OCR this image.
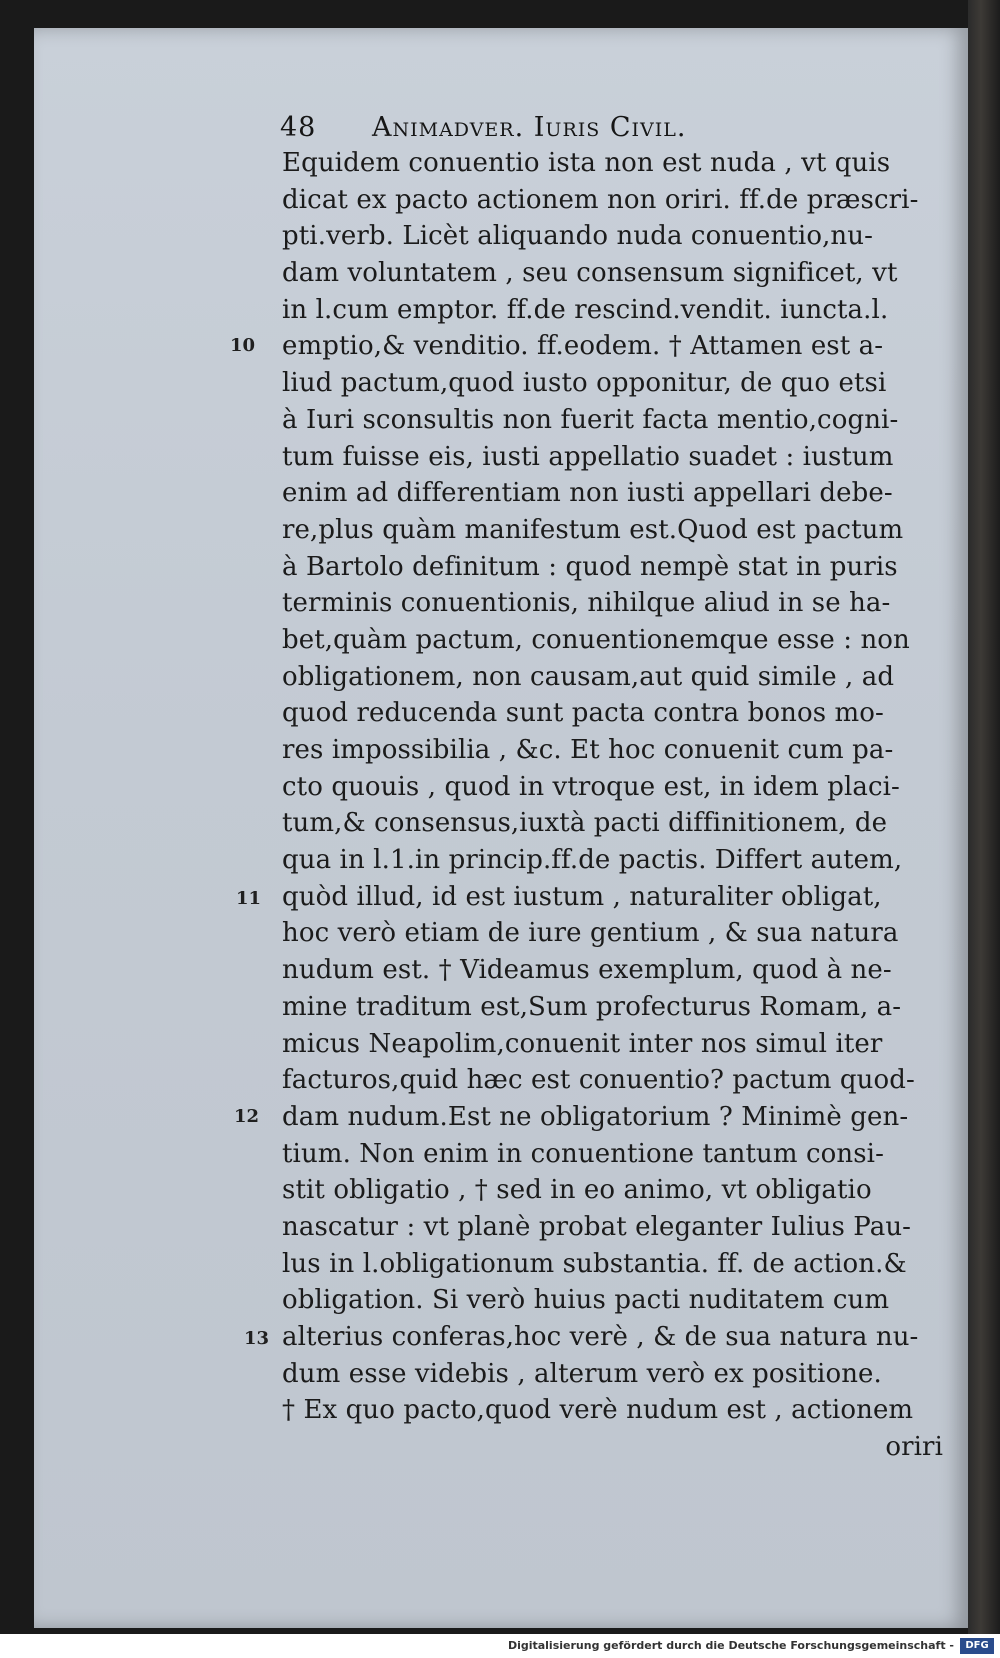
48 Animadver. Iuris Civil.
10
11
12
13
Equidem conuentio ista non est nuda , vt quis
dicat ex pacto actionem non oriri. ff.de præscri-
pti.verb. Licèt aliquando nuda conuentio,nu-
dam voluntatem , seu consensum significet, vt
in l.cum emptor. ff.de rescind.vendit. iuncta.l.
emptio,& venditio. ff.eodem. † Attamen est a-
liud pactum,quod iusto opponitur, de quo etsi
à Iuri sconsultis non fuerit facta mentio,cogni-
tum fuisse eis, iusti appellatio suadet : iustum
enim ad differentiam non iusti appellari debe-
re,plus quàm manifestum est.Quod est pactum
à Bartolo definitum : quod nempè stat in puris
terminis conuentionis, nihilque aliud in se ha-
bet,quàm pactum, conuentionemque esse : non
obligationem, non causam,aut quid simile , ad
quod reducenda sunt pacta contra bonos mo-
res impossibilia , &c. Et hoc conuenit cum pa-
cto quouis , quod in vtroque est, in idem placi-
tum,& consensus,iuxtà pacti diffinitionem, de
qua in l.1.in princip.ff.de pactis. Differt autem,
quòd illud, id est iustum , naturaliter obligat,
hoc verò etiam de iure gentium , & sua natura
nudum est. † Videamus exemplum, quod à ne-
mine traditum est,Sum profecturus Romam, a-
micus Neapolim,conuenit inter nos simul iter
facturos,quid hæc est conuentio? pactum quod-
dam nudum.Est ne obligatorium ? Minimè gen-
tium. Non enim in conuentione tantum consi-
stit obligatio , † sed in eo animo, vt obligatio
nascatur : vt planè probat eleganter Iulius Pau-
lus in l.obligationum substantia. ff. de action.&
obligation. Si verò huius pacti nuditatem cum
alterius conferas,hoc verè , & de sua natura nu-
dum esse videbis , alterum verò ex positione.
† Ex quo pacto,quod verè nudum est , actionem
oriri
Digitalisierung gefördert durch die Deutsche Forschungsgemeinschaft -	DFG
